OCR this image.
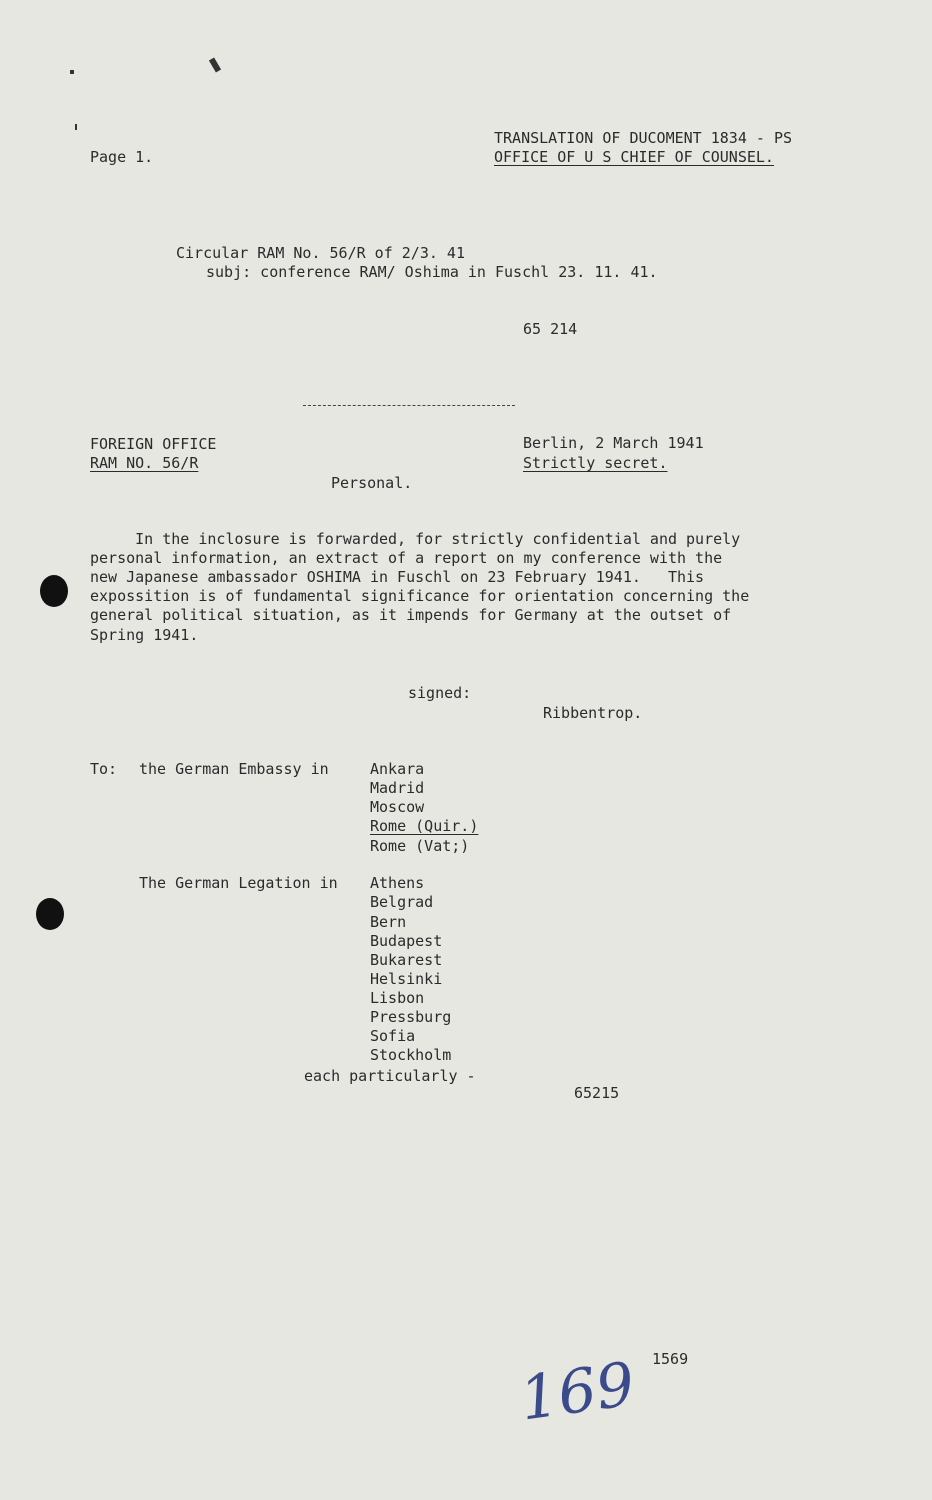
Page 1.
TRANSLATION OF DUCOMENT 1834 - PS
OFFICE OF U S CHIEF OF COUNSEL.
Circular RAM No. 56/R of 2/3. 41
subj: conference RAM/ Oshima in Fuschl 23. 11. 41.
65 214
FOREIGN OFFICE
RAM NO. 56/R
Berlin, 2 March 1941
Strictly secret.
Personal.
In the inclosure is forwarded, for strictly confidential and purely
personal information, an extract of a report on my conference with the
new Japanese ambassador OSHIMA in Fuschl on 23 February 1941.   This
expossition is of fundamental significance for orientation concerning the
general political situation, as it impends for Germany at the outset of
Spring 1941.
signed:
Ribbentrop.
To: the German Embassy in	Ankara
Madrid
Moscow
Rome (Quir.)
Rome (Vat;)
The German Legation in Athens
Belgrad
Bern
Budapest
Bukarest
Helsinki
Lisbon
Pressburg
Sofia
Stockholm
each particularly -
65215
169 1569
